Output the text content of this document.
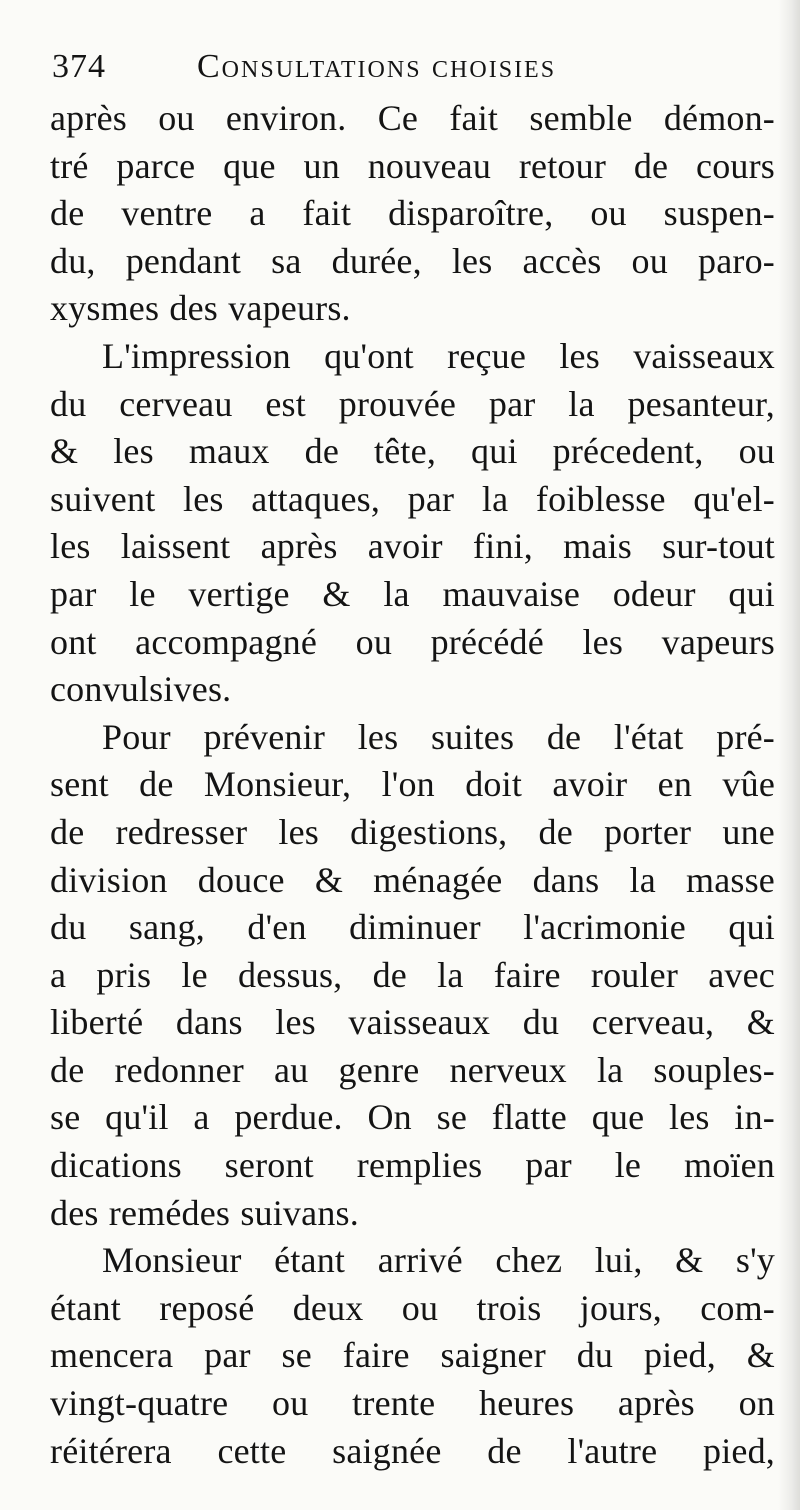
374	Consultations choisies
après ou environ. Ce fait semble démon-
tré parce que un nouveau retour de cours
de ventre a fait disparoître, ou suspen-
du, pendant sa durée, les accès ou paro-
xysmes des vapeurs.
L'impression qu'ont reçue les vaisseaux
du cerveau est prouvée par la pesanteur,
& les maux de tête, qui précedent, ou
suivent les attaques, par la foiblesse qu'el-
les laissent après avoir fini, mais sur-tout
par le vertige & la mauvaise odeur qui
ont accompagné ou précédé les vapeurs
convulsives.
Pour prévenir les suites de l'état pré-
sent de Monsieur, l'on doit avoir en vûe
de redresser les digestions, de porter une
division douce & ménagée dans la masse
du sang, d'en diminuer l'acrimonie qui
a pris le dessus, de la faire rouler avec
liberté dans les vaisseaux du cerveau, &
de redonner au genre nerveux la souples-
se qu'il a perdue. On se flatte que les in-
dications seront remplies par le moïen
des remédes suivans.
Monsieur étant arrivé chez lui, & s'y
étant reposé deux ou trois jours, com-
mencera par se faire saigner du pied, &
vingt-quatre ou trente heures après on
réitérera cette saignée de l'autre pied,
